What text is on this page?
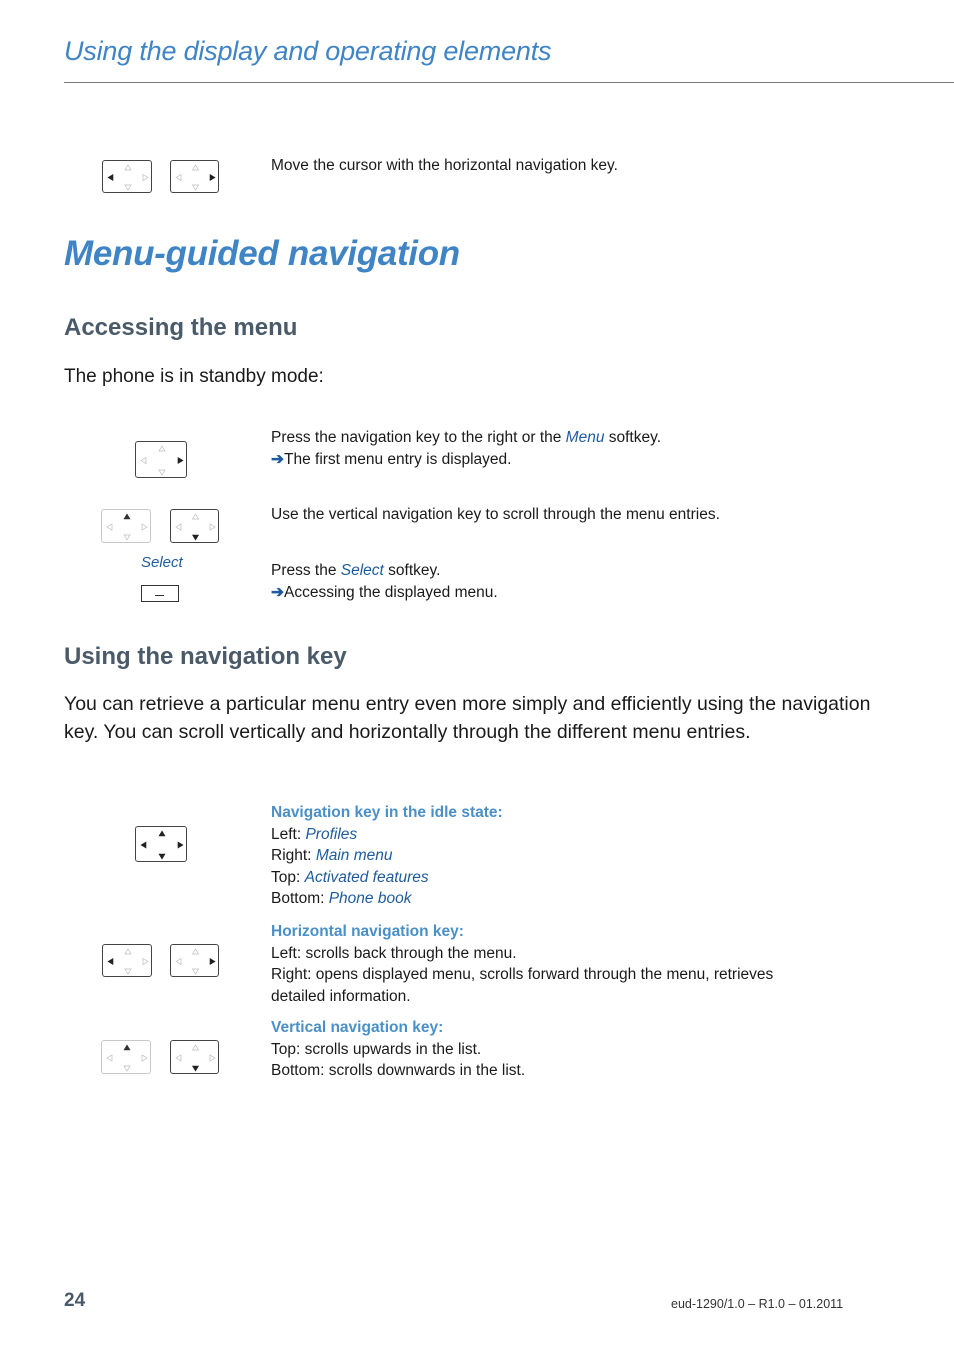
Using the display and operating elements
Move the cursor with the horizontal navigation key.
Menu-guided navigation
Accessing the menu
The phone is in standby mode:
Press the navigation key to the right or the Menu softkey.
➔The first menu entry is displayed.
Use the vertical navigation key to scroll through the menu entries.
Select	Press the Select softkey.
➔Accessing the displayed menu.
Using the navigation key
You can retrieve a particular menu entry even more simply and efficiently using the navigation key. You can scroll vertically and horizontally through the different menu entries.
Navigation key in the idle state:
Left: Profiles
Right: Main menu
Top: Activated features
Bottom: Phone book
Horizontal navigation key:
Left: scrolls back through the menu.
Right: opens displayed menu, scrolls forward through the menu, retrieves
detailed information.
Vertical navigation key:
Top: scrolls upwards in the list.
Bottom: scrolls downwards in the list.
24	eud-1290/1.0 – R1.0 – 01.2011
